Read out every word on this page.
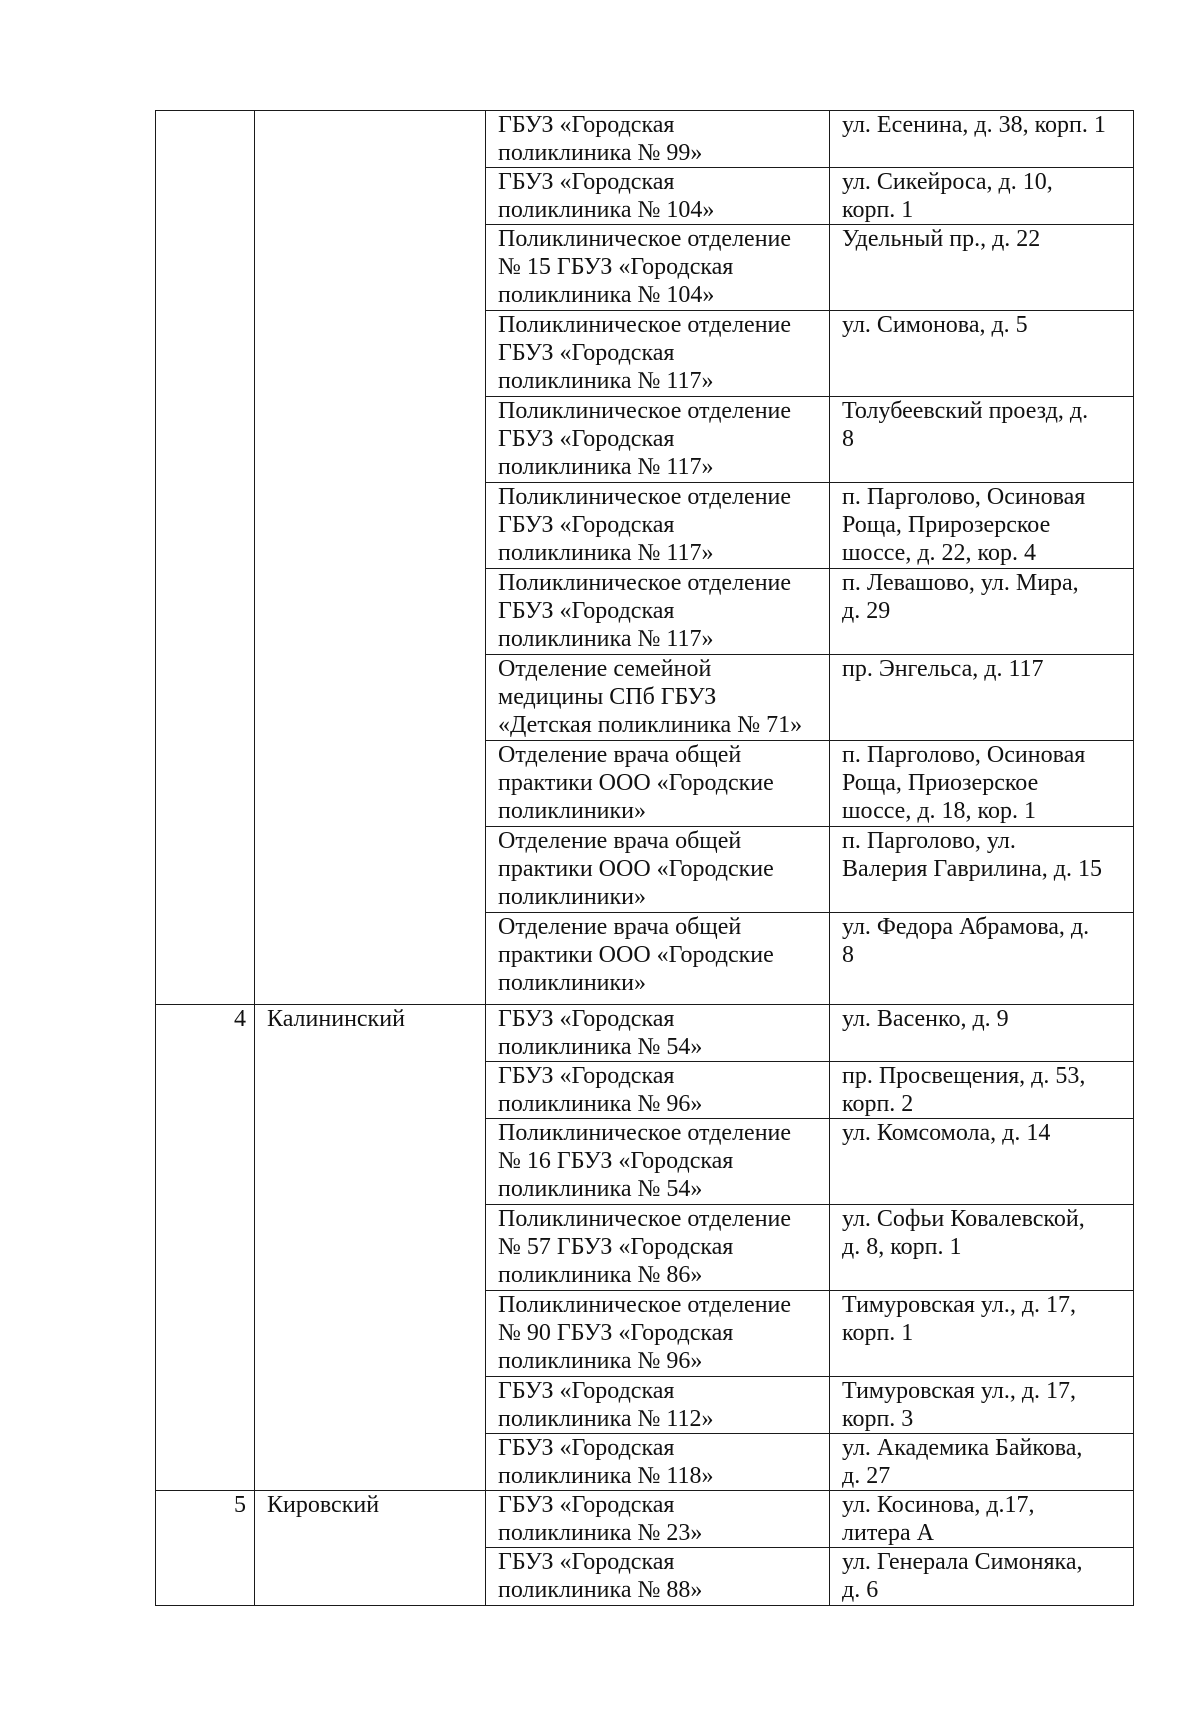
		ГБУЗ «Городская
поликлиника № 99»	ул. Есенина, д. 38, корп. 1
		ГБУЗ «Городская
поликлиника № 104»	ул. Сикейроса, д. 10,
корп. 1
		Поликлиническое отделение
№ 15 ГБУЗ «Городская
поликлиника № 104»	Удельный пр., д. 22
		Поликлиническое отделение
ГБУЗ «Городская
поликлиника № 117»	ул. Симонова, д. 5
		Поликлиническое отделение
ГБУЗ «Городская
поликлиника № 117»	Толубеевский проезд, д.
8
		Поликлиническое отделение
ГБУЗ «Городская
поликлиника № 117»	п. Парголово, Осиновая
Роща, Прирозерское
шоссе, д. 22, кор. 4
		Поликлиническое отделение
ГБУЗ «Городская
поликлиника № 117»	п. Левашово, ул. Мира,
д. 29
		Отделение семейной
медицины СПб ГБУЗ
«Детская поликлиника № 71»	пр. Энгельса, д. 117
		Отделение врача общей
практики ООО «Городские
поликлиники»	п. Парголово, Осиновая
Роща, Приозерское
шоссе, д. 18, кор. 1
		Отделение врача общей
практики ООО «Городские
поликлиники»	п. Парголово, ул.
Валерия Гаврилина, д. 15
		Отделение врача общей
практики ООО «Городские
поликлиники»	ул. Федора Абрамова, д.
8
4	Калининский	ГБУЗ «Городская
поликлиника № 54»	ул. Васенко, д. 9
		ГБУЗ «Городская
поликлиника № 96»	пр. Просвещения, д. 53,
корп. 2
		Поликлиническое отделение
№ 16 ГБУЗ «Городская
поликлиника № 54»	ул. Комсомола, д. 14
		Поликлиническое отделение
№ 57 ГБУЗ «Городская
поликлиника № 86»	ул. Софьи Ковалевской,
д. 8, корп. 1
		Поликлиническое отделение
№ 90 ГБУЗ «Городская
поликлиника № 96»	Тимуровская ул., д. 17,
корп. 1
		ГБУЗ «Городская
поликлиника № 112»	Тимуровская ул., д. 17,
корп. 3
		ГБУЗ «Городская
поликлиника № 118»	ул. Академика Байкова,
д. 27
5	Кировский	ГБУЗ «Городская
поликлиника № 23»	ул. Косинова, д.17,
литера А
		ГБУЗ «Городская
поликлиника № 88»	ул. Генерала Симоняка,
д. 6
